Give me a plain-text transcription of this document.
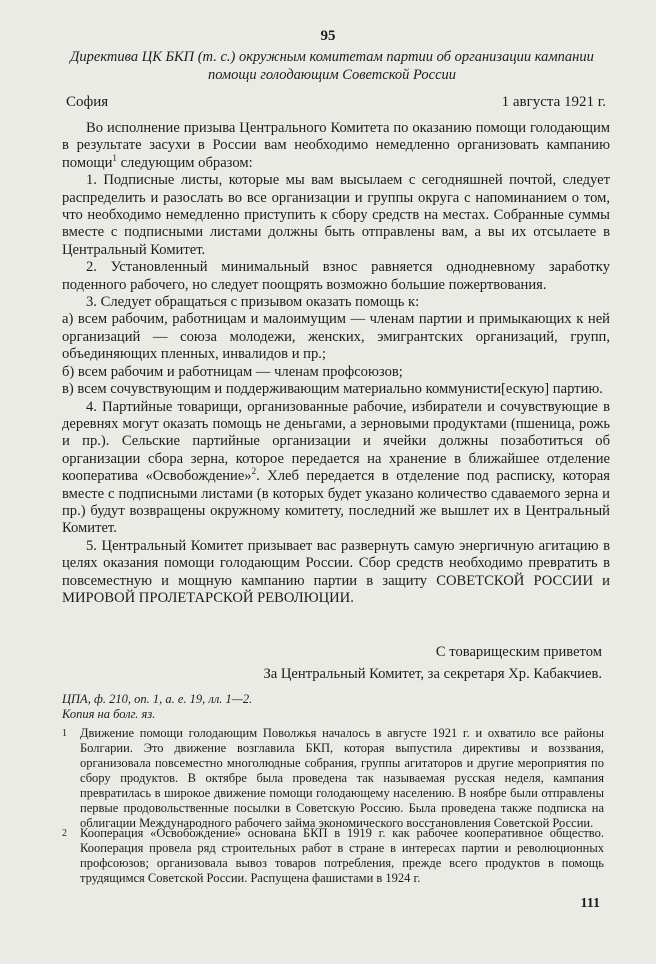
95
Директива ЦК БКП (т. с.) окружным комитетам партии об организации кампании помощи голодающим Советской России
София	1 августа 1921 г.

Во исполнение призыва Центрального Комитета по оказанию помощи голодающим в результате засухи в России вам необходимо немедленно организовать кампанию помощи$^1$ следующим образом:

1. Подписные листы, которые мы вам высылаем с сегодняшней почтой, следует распределить и разослать во все организации и группы округа с напоминанием о том, что необходимо немедленно приступить к сбору средств на местах. Собранные суммы вместе с подписными листами должны быть отправлены вам, а вы их отсылаете в Центральный Комитет.

2. Установленный минимальный взнос равняется однодневному заработку поденного рабочего, но следует поощрять возможно большие пожертвования.

3. Следует обращаться с призывом оказать помощь к:

а) всем рабочим, работницам и малоимущим — членам партии и примыкающих к ней организаций — союза молодежи, женских, эмигрантских организаций, групп, объединяющих пленных, инвалидов и пр.;

б) всем рабочим и работницам — членам профсоюзов;

в) всем сочувствующим и поддерживающим материально коммунисти[ескую] партию.

4. Партийные товарищи, организованные рабочие, избиратели и сочувствующие в деревнях могут оказать помощь не деньгами, а зерновыми продуктами (пшеница, рожь и пр.). Сельские партийные организации и ячейки должны позаботиться об организации сбора зерна, которое передается на хранение в ближайшее отделение кооператива «Освобождение»$^2$. Хлеб передается в отделение под расписку, которая вместе с подписными листами (в которых будет указано количество сдаваемого зерна и пр.) будут возвращены окружному комитету, последний же вышлет их в Центральный Комитет.

5. Центральный Комитет призывает вас развернуть самую энергичную агитацию в целях оказания помощи голодающим России. Сбор средств необходимо превратить в повсеместную и мощную кампанию партии в защиту СОВЕТСКОЙ РОССИИ и МИРОВОЙ ПРОЛЕТАРСКОЙ РЕВОЛЮЦИИ.

С товарищеским приветом
За Центральный Комитет, за секретаря Хр. Кабакчиев.
ЦПА, ф. 210, оп. 1, а. е. 19, лл. 1—2.
Копия на болг. яз.
1	Движение помощи голодающим Поволжья началось в августе 1921 г. и охватило все районы Болгарии. Это движение возглавила БКП, которая выпустила директивы и воззвания, организовала повсеместно многолюдные собрания, группы агитаторов и другие мероприятия по сбору продуктов. В октябре была проведена так называемая русская неделя, кампания превратилась в широкое движение помощи голодающему населению. В ноябре были отправлены первые продовольственные посылки в Советскую Россию. Была проведена также подписка на облигации Международного рабочего займа экономического восстановления Советской России.
2	Кооперация «Освобождение» основана БКП в 1919 г. как рабочее кооперативное общество. Кооперация провела ряд строительных работ в стране в интересах партии и революционных профсоюзов; организовала вывоз товаров потребления, прежде всего продуктов в помощь трудящимся Советской России. Распущена фашистами в 1924 г.
111
